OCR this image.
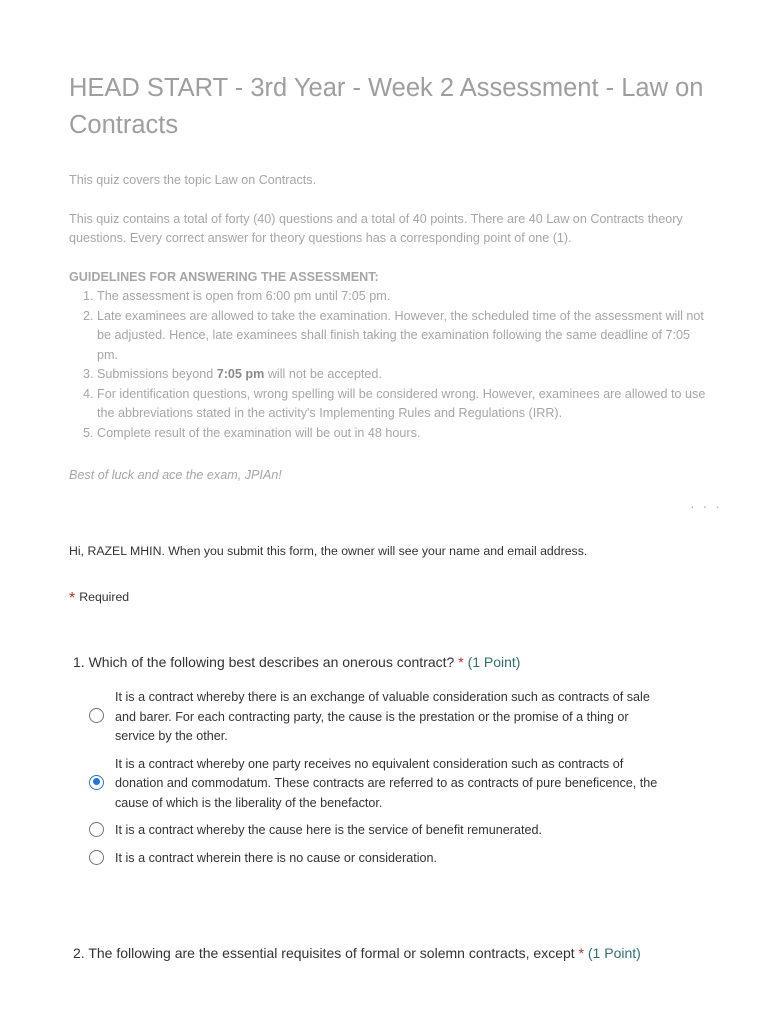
HEAD START - 3rd Year - Week 2 Assessment - Law on Contracts
This quiz covers the topic Law on Contracts.
This quiz contains a total of forty (40) questions and a total of 40 points. There are 40 Law on Contracts theory questions. Every correct answer for theory questions has a corresponding point of one (1).
GUIDELINES FOR ANSWERING THE ASSESSMENT:
1. The assessment is open from 6:00 pm until 7:05 pm.
2. Late examinees are allowed to take the examination. However, the scheduled time of the assessment will not be adjusted. Hence, late examinees shall finish taking the examination following the same deadline of 7:05 pm.
3. Submissions beyond 7:05 pm will not be accepted.
4. For identification questions, wrong spelling will be considered wrong. However, examinees are allowed to use the abbreviations stated in the activity's Implementing Rules and Regulations (IRR).
5. Complete result of the examination will be out in 48 hours.
Best of luck and ace the exam, JPIAn!
· · ·
Hi, RAZEL MHIN. When you submit this form, the owner will see your name and email address.
* Required
1. Which of the following best describes an onerous contract? * (1 Point)
It is a contract whereby there is an exchange of valuable consideration such as contracts of sale and barer. For each contracting party, the cause is the prestation or the promise of a thing or service by the other.
It is a contract whereby one party receives no equivalent consideration such as contracts of donation and commodatum. These contracts are referred to as contracts of pure beneficence, the cause of which is the liberality of the benefactor.
It is a contract whereby the cause here is the service of benefit remunerated.
It is a contract wherein there is no cause or consideration.
2. The following are the essential requisites of formal or solemn contracts, except * (1 Point)
